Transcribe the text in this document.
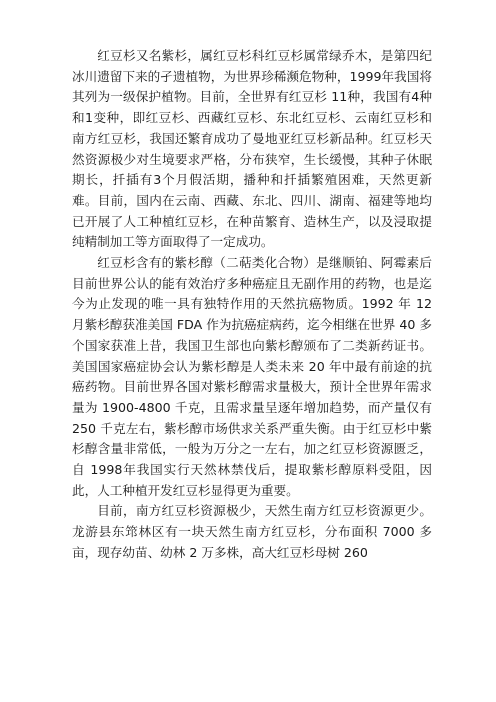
红豆杉又名紫杉，属红豆杉科红豆杉属常绿乔木，是第四纪冰川遗留下来的孑遗植物，为世界珍稀濒危物种，1999年我国将其列为一级保护植物。目前，全世界有红豆杉 11种，我国有4种和1变种，即红豆杉、西藏红豆杉、东北红豆杉、云南红豆杉和南方红豆杉，我国还繁育成功了曼地亚红豆杉新品种。红豆杉天然资源极少对生境要求严格，分布狭窄，生长缓慢，其种子休眠期长，扦插有3个月假活期，播种和扦插繁殖困难，天然更新难。目前，国内在云南、西藏、东北、四川、湖南、福建等地均已开展了人工种植红豆杉，在种苗繁育、造林生产，以及浸取提纯精制加工等方面取得了一定成功。

红豆杉含有的紫杉醇（二萜类化合物）是继顺铂、阿霉素后目前世界公认的能有效治疗多种癌症且无副作用的药物，也是迄今为止发现的唯一具有独特作用的天然抗癌物质。1992 年 12 月紫杉醇获准美国 FDA 作为抗癌症病药，迄今相继在世界 40 多个国家获准上昔，我国卫生部也向紫杉醇颁布了二类新药证书。美国国家癌症协会认为紫杉醇是人类未来 20 年中最有前途的抗癌药物。目前世界各国对紫杉醇需求量极大，预计全世界年需求量为 1900-4800 千克，且需求量呈逐年增加趋势，而产量仅有 250 千克左右，紫杉醇市场供求关系严重失衡。由于红豆杉中紫杉醇含量非常低，一般为万分之一左右，加之红豆杉资源匮乏，自 1998年我国实行天然林禁伐后，提取紫杉醇原料受阻，因此，人工种植开发红豆杉显得更为重要。

目前，南方红豆杉资源极少，天然生南方红豆杉资源更少。龙游县东筇林区有一块天然生南方红豆杉，分布面积 7000 多亩，现存幼苗、幼林 2 万多株，高大红豆杉母树 260
